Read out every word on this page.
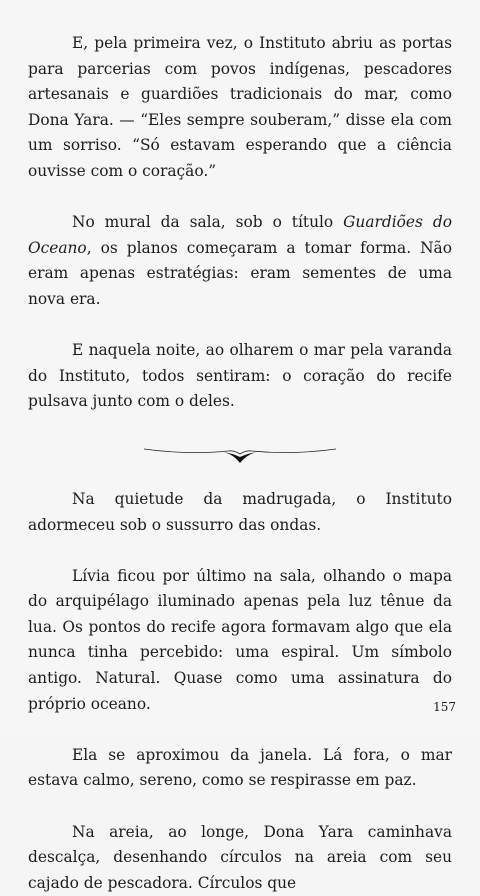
E, pela primeira vez, o Instituto abriu as portas para parcerias com povos indígenas, pescadores artesanais e guardiões tradicionais do mar, como Dona Yara. — “Eles sempre souberam,” disse ela com um sorriso. “Só estavam esperando que a ciência ouvisse com o coração.”

No mural da sala, sob o título Guardiões do Oceano, os planos começaram a tomar forma. Não eram apenas estratégias: eram sementes de uma nova era.

E naquela noite, ao olharem o mar pela varanda do Instituto, todos sentiram: o coração do recife pulsava junto com o deles.

Na quietude da madrugada, o Instituto adormeceu sob o sussurro das ondas.

Lívia ficou por último na sala, olhando o mapa do arquipélago iluminado apenas pela luz tênue da lua. Os pontos do recife agora formavam algo que ela nunca tinha percebido: uma espiral. Um símbolo antigo. Natural. Quase como uma assinatura do próprio oceano.

Ela se aproximou da janela. Lá fora, o mar estava calmo, sereno, como se respirasse em paz.

Na areia, ao longe, Dona Yara caminhava descalça, desenhando círculos na areia com seu cajado de pescadora. Círculos que

157
